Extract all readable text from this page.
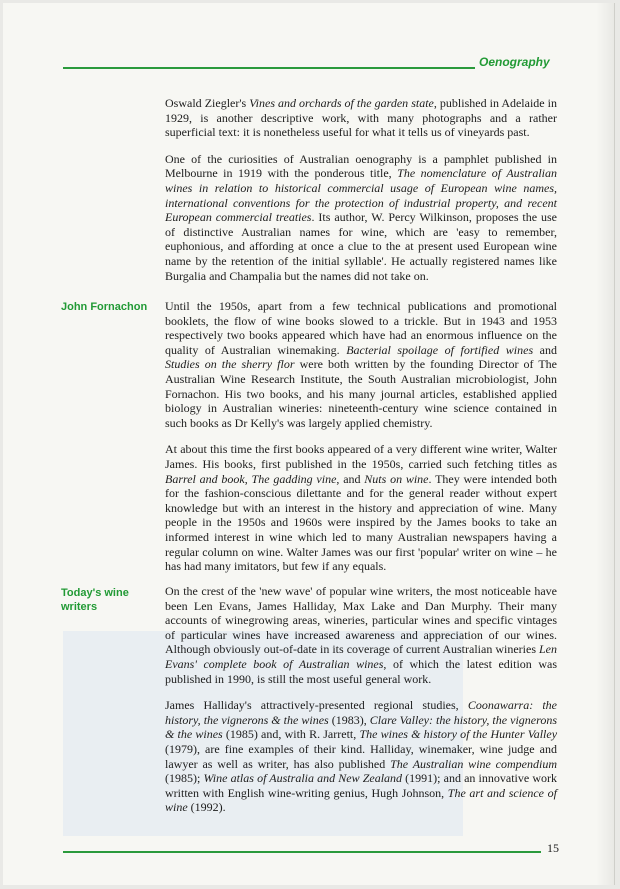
Oenography

Oswald Ziegler's Vines and orchards of the garden state, published in Adelaide in 1929, is another descriptive work, with many photographs and a rather superficial text: it is nonetheless useful for what it tells us of vineyards past.

One of the curiosities of Australian oenography is a pamphlet published in Melbourne in 1919 with the ponderous title, The nomenclature of Australian wines in relation to historical commercial usage of European wine names, international conventions for the protection of industrial property, and recent European commercial treaties. Its author, W. Percy Wilkinson, proposes the use of distinctive Australian names for wine, which are 'easy to remember, euphonious, and affording at once a clue to the at present used European wine name by the retention of the initial syllable'. He actually registered names like Burgalia and Champalia but the names did not take on.

John Fornachon Until the 1950s, apart from a few technical publications and promotional booklets, the flow of wine books slowed to a trickle. But in 1943 and 1953 respectively two books appeared which have had an enormous influence on the quality of Australian winemaking. Bacterial spoilage of fortified wines and Studies on the sherry flor were both written by the founding Director of The Australian Wine Research Institute, the South Australian microbiologist, John Fornachon. His two books, and his many journal articles, established applied biology in Australian wineries: nineteenth-century wine science contained in such books as Dr Kelly's was largely applied chemistry.

At about this time the first books appeared of a very different wine writer, Walter James. His books, first published in the 1950s, carried such fetching titles as Barrel and book, The gadding vine, and Nuts on wine. They were intended both for the fashion-conscious dilettante and for the general reader without expert knowledge but with an interest in the history and appreciation of wine. Many people in the 1950s and 1960s were inspired by the James books to take an informed interest in wine which led to many Australian newspapers having a regular column on wine. Walter James was our first 'popular' writer on wine – he has had many imitators, but few if any equals.

Today's wine writers

On the crest of the 'new wave' of popular wine writers, the most noticeable have been Len Evans, James Halliday, Max Lake and Dan Murphy. Their many accounts of winegrowing areas, wineries, particular wines and specific vintages of particular wines have increased awareness and appreciation of our wines. Although obviously out-of-date in its coverage of current Australian wineries Len Evans' complete book of Australian wines, of which the latest edition was published in 1990, is still the most useful general work.

James Halliday's attractively-presented regional studies, Coonawarra: the history, the vignerons & the wines (1983), Clare Valley: the history, the vignerons & the wines (1985) and, with R. Jarrett, The wines & history of the Hunter Valley (1979), are fine examples of their kind. Halliday, winemaker, wine judge and lawyer as well as writer, has also published The Australian wine compendium (1985); Wine atlas of Australia and New Zealand (1991); and an innovative work written with English wine-writing genius, Hugh Johnson, The art and science of wine (1992).

15
